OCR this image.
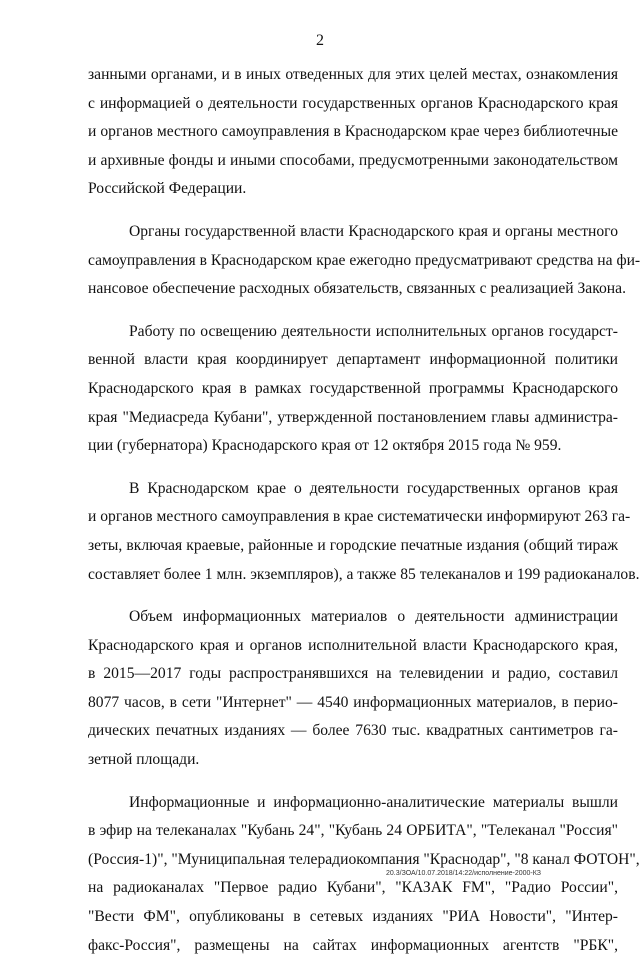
2
занными органами, и в иных отведенных для этих целей местах, ознакомления
с информацией о деятельности государственных органов Краснодарского края
и органов местного самоуправления в Краснодарском крае через библиотечные
и архивные фонды и иными способами, предусмотренными законодательством
Российской Федерации.
Органы государственной власти Краснодарского края и органы местного
самоуправления в Краснодарском крае ежегодно предусматривают средства на фи-
нансовое обеспечение расходных обязательств, связанных с реализацией Закона.
Работу по освещению деятельности исполнительных органов государст-
венной власти края координирует департамент информационной политики
Краснодарского края в рамках государственной программы Краснодарского
края "Медиасреда Кубани", утвержденной постановлением главы администра-
ции (губернатора) Краснодарского края от 12 октября 2015 года № 959.
В Краснодарском крае о деятельности государственных органов края
и органов местного самоуправления в крае систематически информируют 263 га-
зеты, включая краевые, районные и городские печатные издания (общий тираж
составляет более 1 млн. экземпляров), а также 85 телеканалов и 199 радиоканалов.
Объем информационных материалов о деятельности администрации
Краснодарского края и органов исполнительной власти Краснодарского края,
в 2015—2017 годы распространявшихся на телевидении и радио, составил
8077 часов, в сети "Интернет" — 4540 информационных материалов, в перио-
дических печатных изданиях — более 7630 тыс. квадратных сантиметров га-
зетной площади.
Информационные и информационно-аналитические материалы вышли
в эфир на телеканалах "Кубань 24", "Кубань 24 ОРБИТА", "Телеканал "Россия"
(Россия-1)", "Муниципальная телерадиокомпания "Краснодар", "8 канал ФОТОН",
на радиоканалах "Первое радио Кубани", "КАЗАК FM", "Радио России",
"Вести ФМ", опубликованы в сетевых изданиях "РИА Новости", "Интер-
факс-Россия", размещены на сайтах информационных агентств "РБК",
20.3/ЗОА/10.07.2018/14:22/исполнение-2000-КЗ
